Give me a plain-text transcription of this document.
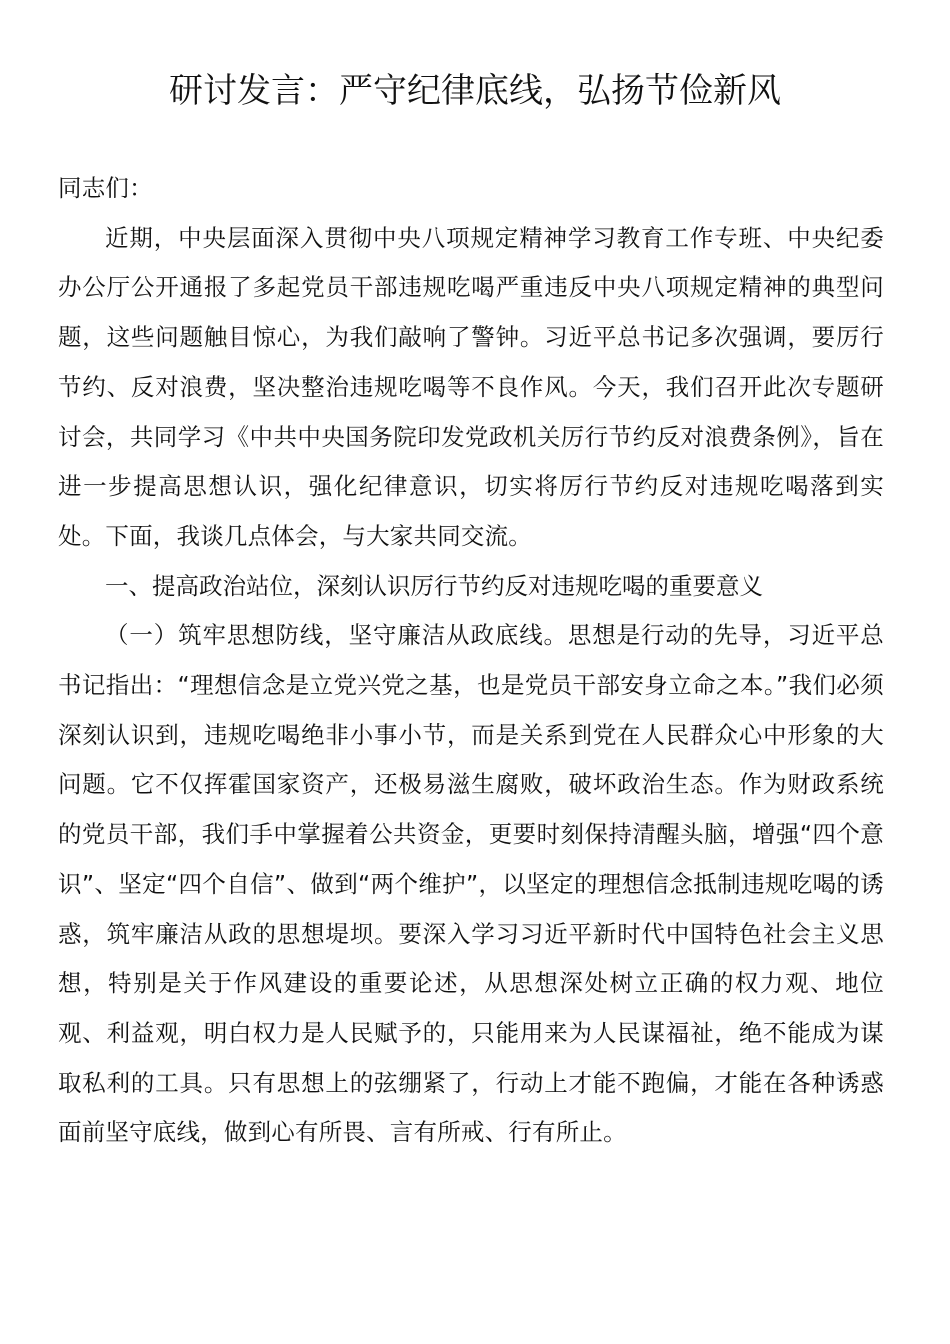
研讨发言：严守纪律底线，弘扬节俭新风

同志们：

近期，中央层面深入贯彻中央八项规定精神学习教育工作专班、中央纪委办公厅公开通报了多起党员干部违规吃喝严重违反中央八项规定精神的典型问题，这些问题触目惊心，为我们敲响了警钟。习近平总书记多次强调，要厉行节约、反对浪费，坚决整治违规吃喝等不良作风。今天，我们召开此次专题研讨会，共同学习《中共中央国务院印发党政机关厉行节约反对浪费条例》，旨在进一步提高思想认识，强化纪律意识，切实将厉行节约反对违规吃喝落到实处。下面，我谈几点体会，与大家共同交流。

一、提高政治站位，深刻认识厉行节约反对违规吃喝的重要意义

（一）筑牢思想防线，坚守廉洁从政底线。思想是行动的先导，习近平总书记指出：“理想信念是立党兴党之基，也是党员干部安身立命之本。”我们必须深刻认识到，违规吃喝绝非小事小节，而是关系到党在人民群众心中形象的大问题。它不仅挥霍国家资产，还极易滋生腐败，破坏政治生态。作为财政系统的党员干部，我们手中掌握着公共资金，更要时刻保持清醒头脑，增强“四个意识”、坚定“四个自信”、做到“两个维护”，以坚定的理想信念抵制违规吃喝的诱惑，筑牢廉洁从政的思想堤坝。要深入学习习近平新时代中国特色社会主义思想，特别是关于作风建设的重要论述，从思想深处树立正确的权力观、地位观、利益观，明白权力是人民赋予的，只能用来为人民谋福祉，绝不能成为谋取私利的工具。只有思想上的弦绷紧了，行动上才能不跑偏，才能在各种诱惑面前坚守底线，做到心有所畏、言有所戒、行有所止。
